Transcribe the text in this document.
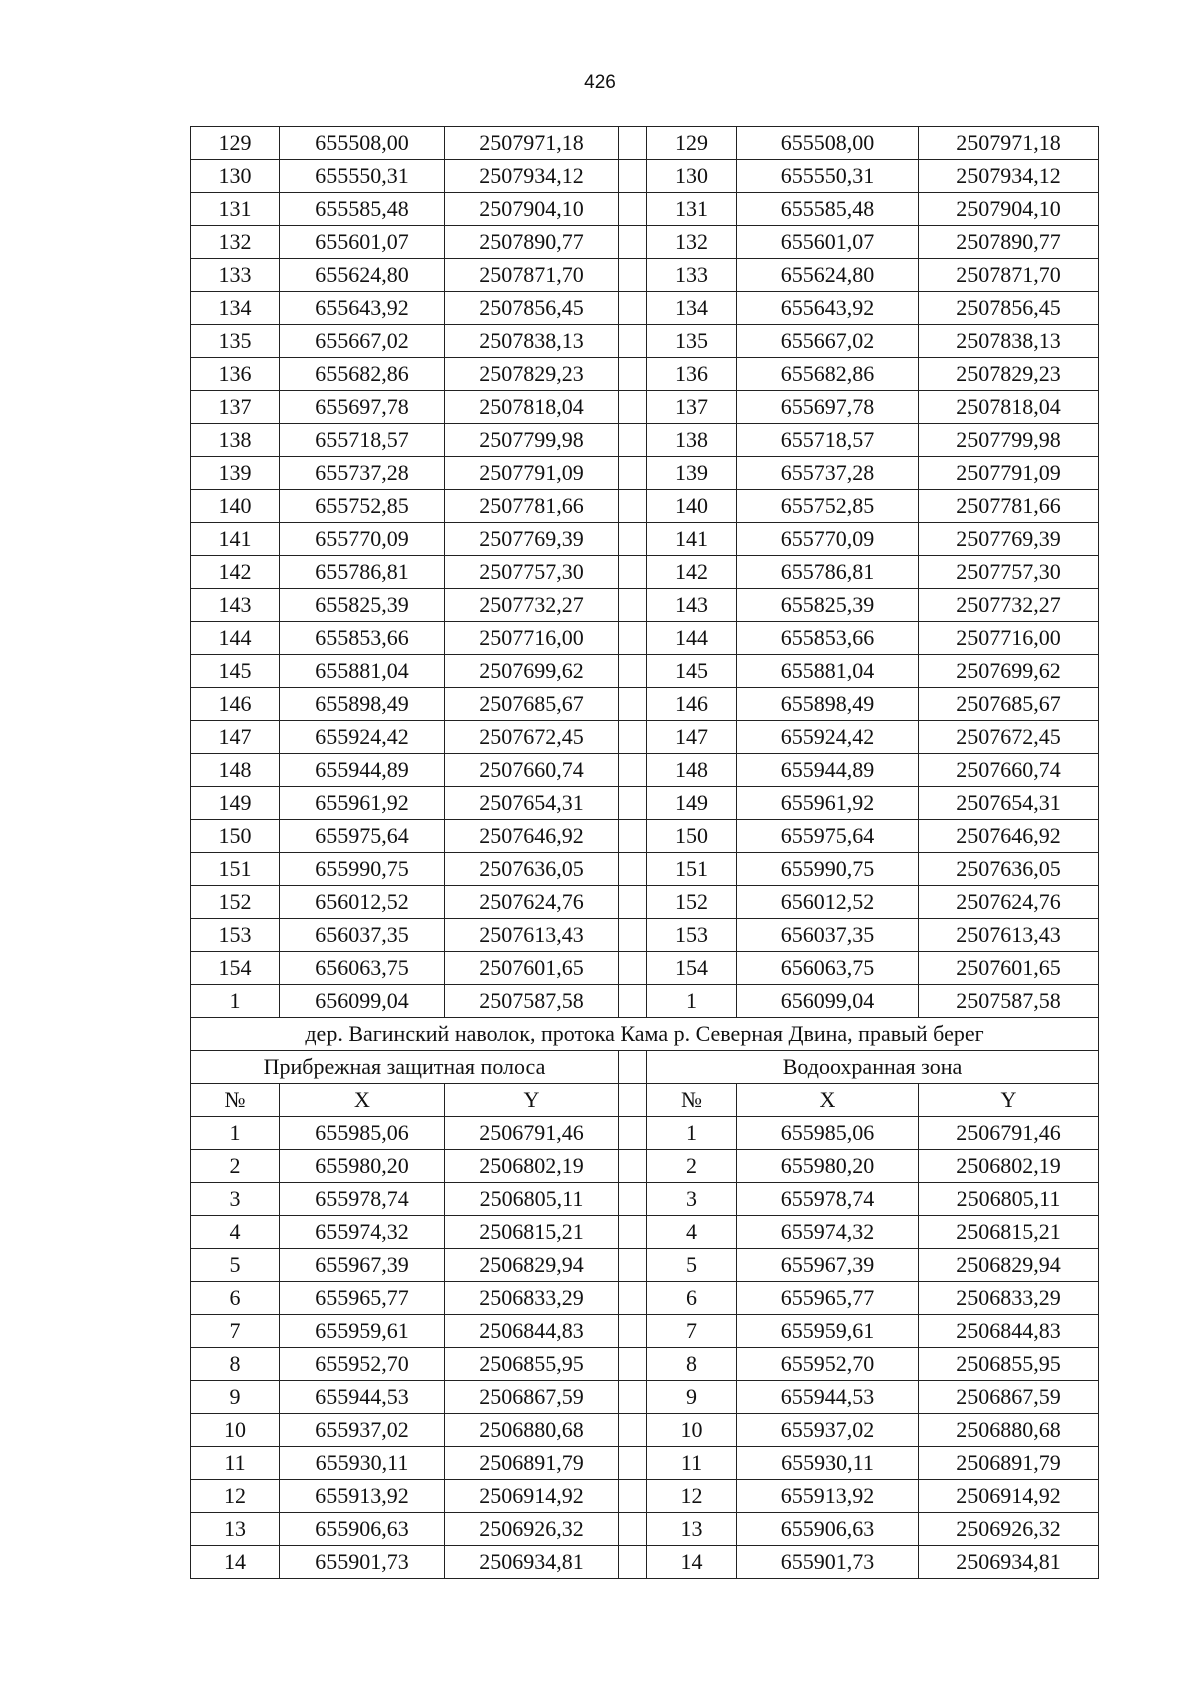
426
129	655508,00	2507971,18		129	655508,00	2507971,18
130	655550,31	2507934,12		130	655550,31	2507934,12
131	655585,48	2507904,10		131	655585,48	2507904,10
132	655601,07	2507890,77		132	655601,07	2507890,77
133	655624,80	2507871,70		133	655624,80	2507871,70
134	655643,92	2507856,45		134	655643,92	2507856,45
135	655667,02	2507838,13		135	655667,02	2507838,13
136	655682,86	2507829,23		136	655682,86	2507829,23
137	655697,78	2507818,04		137	655697,78	2507818,04
138	655718,57	2507799,98		138	655718,57	2507799,98
139	655737,28	2507791,09		139	655737,28	2507791,09
140	655752,85	2507781,66		140	655752,85	2507781,66
141	655770,09	2507769,39		141	655770,09	2507769,39
142	655786,81	2507757,30		142	655786,81	2507757,30
143	655825,39	2507732,27		143	655825,39	2507732,27
144	655853,66	2507716,00		144	655853,66	2507716,00
145	655881,04	2507699,62		145	655881,04	2507699,62
146	655898,49	2507685,67		146	655898,49	2507685,67
147	655924,42	2507672,45		147	655924,42	2507672,45
148	655944,89	2507660,74		148	655944,89	2507660,74
149	655961,92	2507654,31		149	655961,92	2507654,31
150	655975,64	2507646,92		150	655975,64	2507646,92
151	655990,75	2507636,05		151	655990,75	2507636,05
152	656012,52	2507624,76		152	656012,52	2507624,76
153	656037,35	2507613,43		153	656037,35	2507613,43
154	656063,75	2507601,65		154	656063,75	2507601,65
1	656099,04	2507587,58		1	656099,04	2507587,58
дер. Вагинский наволок, протока Кама р. Северная Двина, правый берег						
Прибрежная защитная полоса				Водоохранная зона		
№	X	Y		№	X	Y
1	655985,06	2506791,46		1	655985,06	2506791,46
2	655980,20	2506802,19		2	655980,20	2506802,19
3	655978,74	2506805,11		3	655978,74	2506805,11
4	655974,32	2506815,21		4	655974,32	2506815,21
5	655967,39	2506829,94		5	655967,39	2506829,94
6	655965,77	2506833,29		6	655965,77	2506833,29
7	655959,61	2506844,83		7	655959,61	2506844,83
8	655952,70	2506855,95		8	655952,70	2506855,95
9	655944,53	2506867,59		9	655944,53	2506867,59
10	655937,02	2506880,68		10	655937,02	2506880,68
11	655930,11	2506891,79		11	655930,11	2506891,79
12	655913,92	2506914,92		12	655913,92	2506914,92
13	655906,63	2506926,32		13	655906,63	2506926,32
14	655901,73	2506934,81		14	655901,73	2506934,81
